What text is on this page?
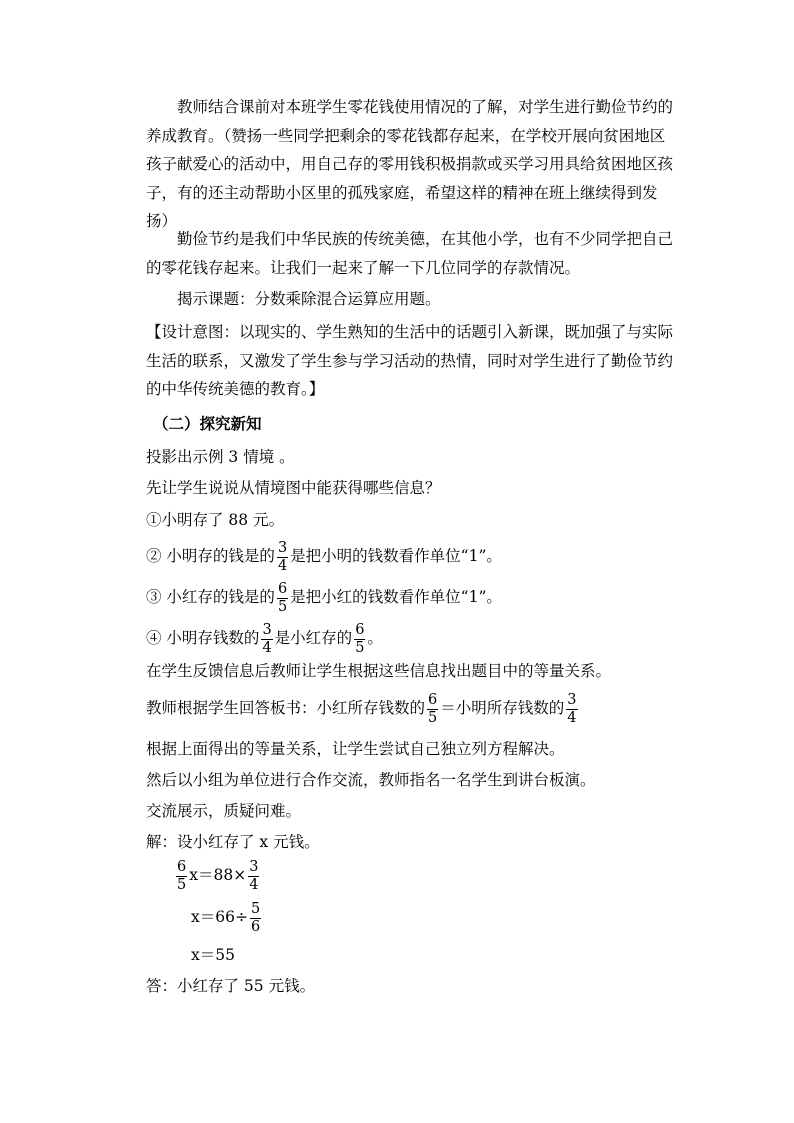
教师结合课前对本班学生零花钱使用情况的了解，对学生进行勤俭节约的养成教育。（赞扬一些同学把剩余的零花钱都存起来，在学校开展向贫困地区孩子献爱心的活动中，用自己存的零用钱积极捐款或买学习用具给贫困地区孩子，有的还主动帮助小区里的孤残家庭，希望这样的精神在班上继续得到发扬）

勤俭节约是我们中华民族的传统美德，在其他小学，也有不少同学把自己的零花钱存起来。让我们一起来了解一下几位同学的存款情况。

揭示课题：分数乘除混合运算应用题。

【设计意图：以现实的、学生熟知的生活中的话题引入新课，既加强了与实际生活的联系，又激发了学生参与学习活动的热情，同时对学生进行了勤俭节约的中华传统美德的教育。】

（二）探究新知

投影出示例 3 情境 。

先让学生说说从情境图中能获得哪些信息？

①小明存了 88 元。

② 小明存的钱是的 $\frac{3}{4}$ 是把小明的钱数看作单位“1”。

③ 小红存的钱是的 $\frac{6}{5}$ 是把小红的钱数看作单位“1”。

④ 小明存钱数的 $\frac{3}{4}$ 是小红存的 $\frac{6}{5}$ 。

在学生反馈信息后教师让学生根据这些信息找出题目中的等量关系。

教师根据学生回答板书：小红所存钱数的 $\frac{6}{5}$ ＝小明所存钱数的 $\frac{3}{4}$

根据上面得出的等量关系，让学生尝试自己独立列方程解决。

然后以小组为单位进行合作交流，教师指名一名学生到讲台板演。

交流展示，质疑问难。

解：设小红存了 x 元钱。

$\frac{6}{5} x=88\times \frac{3}{4}$
$x=66\div \frac{5}{6}$
x＝55

答：小红存了 55 元钱。
